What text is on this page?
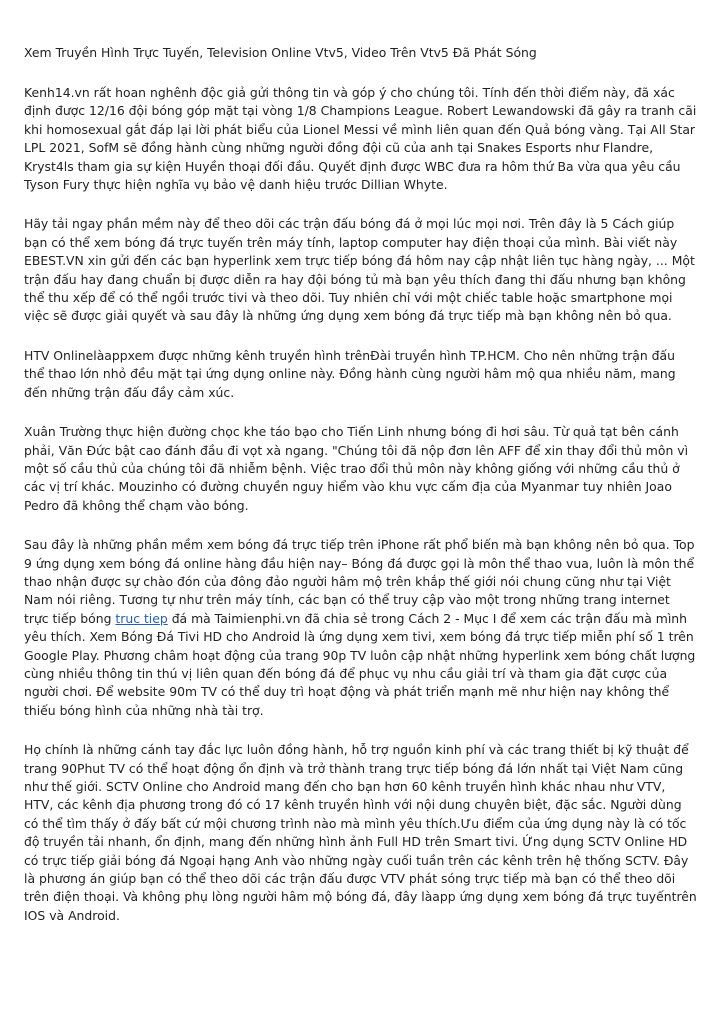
Xem Truyền Hình Trực Tuyến, Television Online Vtv5, Video Trên Vtv5 Đã Phát Sóng

Kenh14.vn rất hoan nghênh độc giả gửi thông tin và góp ý cho chúng tôi. Tính đến thời điểm này, đã xác định được 12/16 đội bóng góp mặt tại vòng 1/8 Champions League. Robert Lewandowski đã gây ra tranh cãi khi homosexual gắt đáp lại lời phát biểu của Lionel Messi về mình liên quan đến Quả bóng vàng. Tại All Star LPL 2021, SofM sẽ đồng hành cùng những người đồng đội cũ của anh tại Snakes Esports như Flandre, Kryst4ls tham gia sự kiện Huyền thoại đối đầu. Quyết định được WBC đưa ra hôm thứ Ba vừa qua yêu cầu Tyson Fury thực hiện nghĩa vụ bảo vệ danh hiệu trước Dillian Whyte.

Hãy tải ngay phần mềm này để theo dõi các trận đấu bóng đá ở mọi lúc mọi nơi. Trên đây là 5 Cách giúp bạn có thể xem bóng đá trực tuyến trên máy tính, laptop computer hay điện thoại của mình. Bài viết này EBEST.VN xin gửi đến các bạn hyperlink xem trực tiếp bóng đá hôm nay cập nhật liên tục hàng ngày, ... Một trận đấu hay đang chuẩn bị được diễn ra hay đội bóng tủ mà bạn yêu thích đang thi đấu nhưng bạn không thể thu xếp để có thể ngồi trước tivi và theo dõi. Tuy nhiên chỉ với một chiếc table hoặc smartphone mọi việc sẽ được giải quyết và sau đây là những ứng dụng xem bóng đá trực tiếp mà bạn không nên bỏ qua.

HTV Onlinelàappxem được những kênh truyền hình trênĐài truyền hình TP.HCM. Cho nên những trận đấu thể thao lớn nhỏ đều mặt tại ứng dụng online này. Đồng hành cùng người hâm mộ qua nhiều năm, mang đến những trận đấu đầy cảm xúc.

Xuân Trường thực hiện đường chọc khe táo bạo cho Tiến Linh nhưng bóng đi hơi sâu. Từ quả tạt bên cánh phải, Văn Đức bật cao đánh đầu đi vọt xà ngang. "Chúng tôi đã nộp đơn lên AFF để xin thay đổi thủ môn vì một số cầu thủ của chúng tôi đã nhiễm bệnh. Việc trao đổi thủ môn này không giống với những cầu thủ ở các vị trí khác. Mouzinho có đường chuyền nguy hiểm vào khu vực cấm địa của Myanmar tuy nhiên Joao Pedro đã không thể chạm vào bóng.

Sau đây là những phần mềm xem bóng đá trực tiếp trên iPhone rất phổ biến mà bạn không nên bỏ qua. Top 9 ứng dụng xem bóng đá online hàng đầu hiện nay– Bóng đá được gọi là môn thể thao vua, luôn là môn thể thao nhận được sự chào đón của đông đảo người hâm mộ trên khắp thế giới nói chung cũng như tại Việt Nam nói riêng. Tương tự như trên máy tính, các bạn có thể truy cập vào một trong những trang internet trực tiếp bóng truc tiep đá mà Taimienphi.vn đã chia sẻ trong Cách 2 - Mục I để xem các trận đấu mà mình yêu thích. Xem Bóng Đá Tivi HD cho Android là ứng dụng xem tivi, xem bóng đá trực tiếp miễn phí số 1 trên Google Play. Phương châm hoạt động của trang 90p TV luôn cập nhật những hyperlink xem bóng chất lượng cùng nhiều thông tin thú vị liên quan đến bóng đá để phục vụ nhu cầu giải trí và tham gia đặt cược của người chơi. Để website 90m TV có thể duy trì hoạt động và phát triển mạnh mẽ như hiện nay không thể thiếu bóng hình của những nhà tài trợ.

Họ chính là những cánh tay đắc lực luôn đồng hành, hỗ trợ nguồn kinh phí và các trang thiết bị kỹ thuật để trang 90Phut TV có thể hoạt động ổn định và trở thành trang trực tiếp bóng đá lớn nhất tại Việt Nam cũng như thế giới. SCTV Online cho Android mang đến cho bạn hơn 60 kênh truyền hình khác nhau như VTV, HTV, các kênh địa phương trong đó có 17 kênh truyền hình với nội dung chuyên biệt, đặc sắc. Người dùng có thể tìm thấy ở đấy bất cứ mội chương trình nào mà mình yêu thích.Ưu điểm của ứng dụng này là có tốc độ truyền tải nhanh, ổn định, mang đến những hình ảnh Full HD trên Smart tivi. Ứng dụng SCTV Online HD có trực tiếp giải bóng đá Ngoại hạng Anh vào những ngày cuối tuần trên các kênh trên hệ thống SCTV. Đây là phương án giúp bạn có thể theo dõi các trận đấu được VTV phát sóng trực tiếp mà bạn có thể theo dõi trên điện thoại. Và không phụ lòng người hâm mộ bóng đá, đây làapp ứng dụng xem bóng đá trực tuyếntrên IOS và Android.
